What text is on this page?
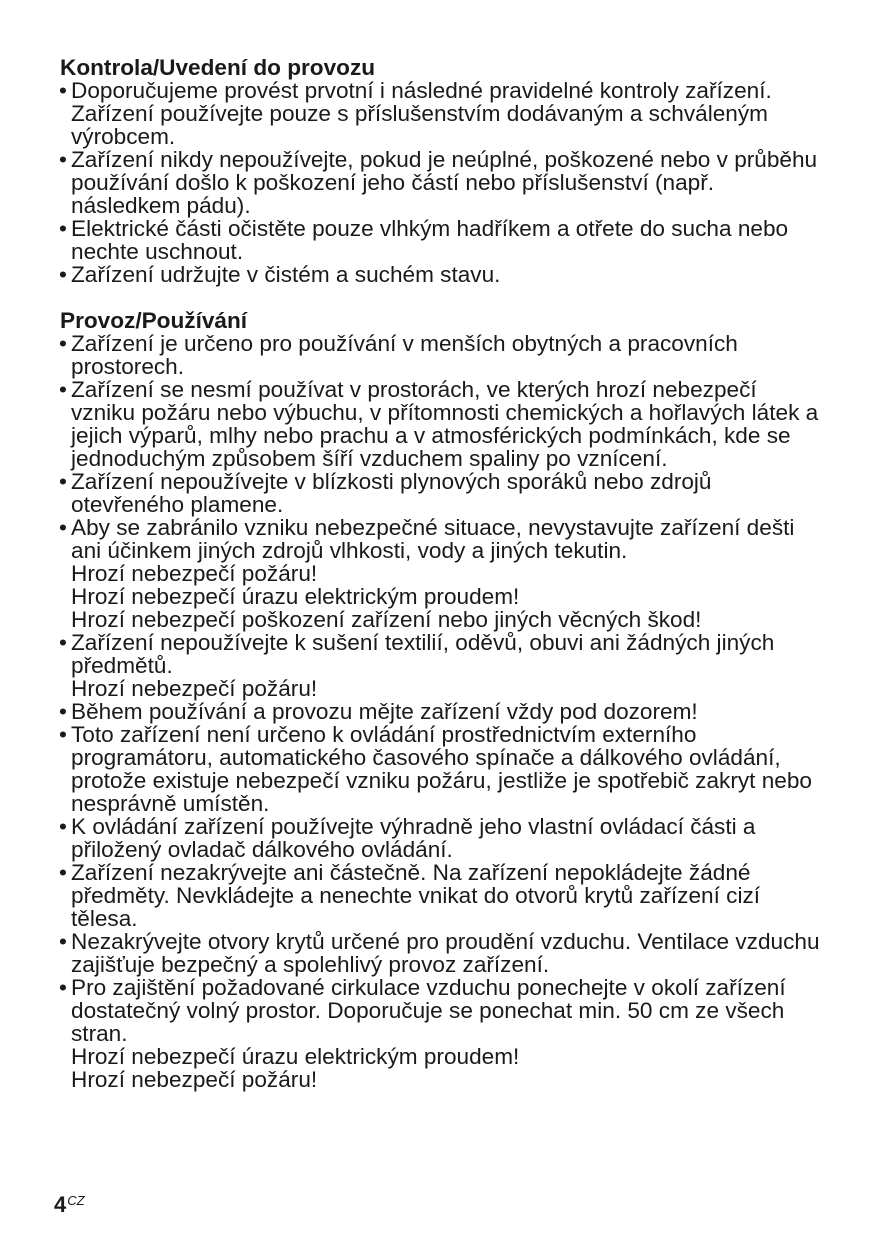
Kontrola/Uvedení do provozu

• Doporučujeme provést prvotní i následné pravidelné kontroly zařízení. Zařízení používejte pouze s příslušenstvím dodávaným a schváleným výrobcem.
• Zařízení nikdy nepoužívejte, pokud je neúplné, poškozené nebo v průběhu používání došlo k poškození jeho částí nebo příslušenství (např. následkem pádu).
• Elektrické části očistěte pouze vlhkým hadříkem a otřete do sucha nebo nechte uschnout.
• Zařízení udržujte v čistém a suchém stavu.

Provoz/Používání

• Zařízení je určeno pro používání v menších obytných a pracovních prostorech.
• Zařízení se nesmí používat v prostorách, ve kterých hrozí nebezpečí vzniku požáru nebo výbuchu, v přítomnosti chemických a hořlavých látek a jejich výparů, mlhy nebo prachu a v atmosférických podmínkách, kde se jednoduchým způsobem šíří vzduchem spaliny po vznícení.
• Zařízení nepoužívejte v blízkosti plynových sporáků nebo zdrojů otevřeného plamene.
• Aby se zabránilo vzniku nebezpečné situace, nevystavujte zařízení dešti ani účinkem jiných zdrojů vlhkosti, vody a jiných tekutin.
Hrozí nebezpečí požáru!
Hrozí nebezpečí úrazu elektrickým proudem!
Hrozí nebezpečí poškození zařízení nebo jiných věcných škod!
• Zařízení nepoužívejte k sušení textilií, oděvů, obuvi ani žádných jiných předmětů.
Hrozí nebezpečí požáru!
• Během používání a provozu mějte zařízení vždy pod dozorem!
• Toto zařízení není určeno k ovládání prostřednictvím externího programátoru, automatického časového spínače a dálkového ovládání, protože existuje nebezpečí vzniku požáru, jestliže je spotřebič zakryt nebo nesprávně umístěn.
• K ovládání zařízení používejte výhradně jeho vlastní ovládací části a přiložený ovladač dálkového ovládání.
• Zařízení nezakrývejte ani částečně. Na zařízení nepokládejte žádné předměty. Nevkládejte a nenechte vnikat do otvorů krytů zařízení cizí tělesa.
• Nezakrývejte otvory krytů určené pro proudění vzduchu. Ventilace vzduchu zajišťuje bezpečný a spolehlivý provoz zařízení.
• Pro zajištění požadované cirkulace vzduchu ponechejte v okolí zařízení dostatečný volný prostor. Doporučuje se ponechat min. 50 cm ze všech stran.
Hrozí nebezpečí úrazu elektrickým proudem!
Hrozí nebezpečí požáru!
$4^{CZ}$
